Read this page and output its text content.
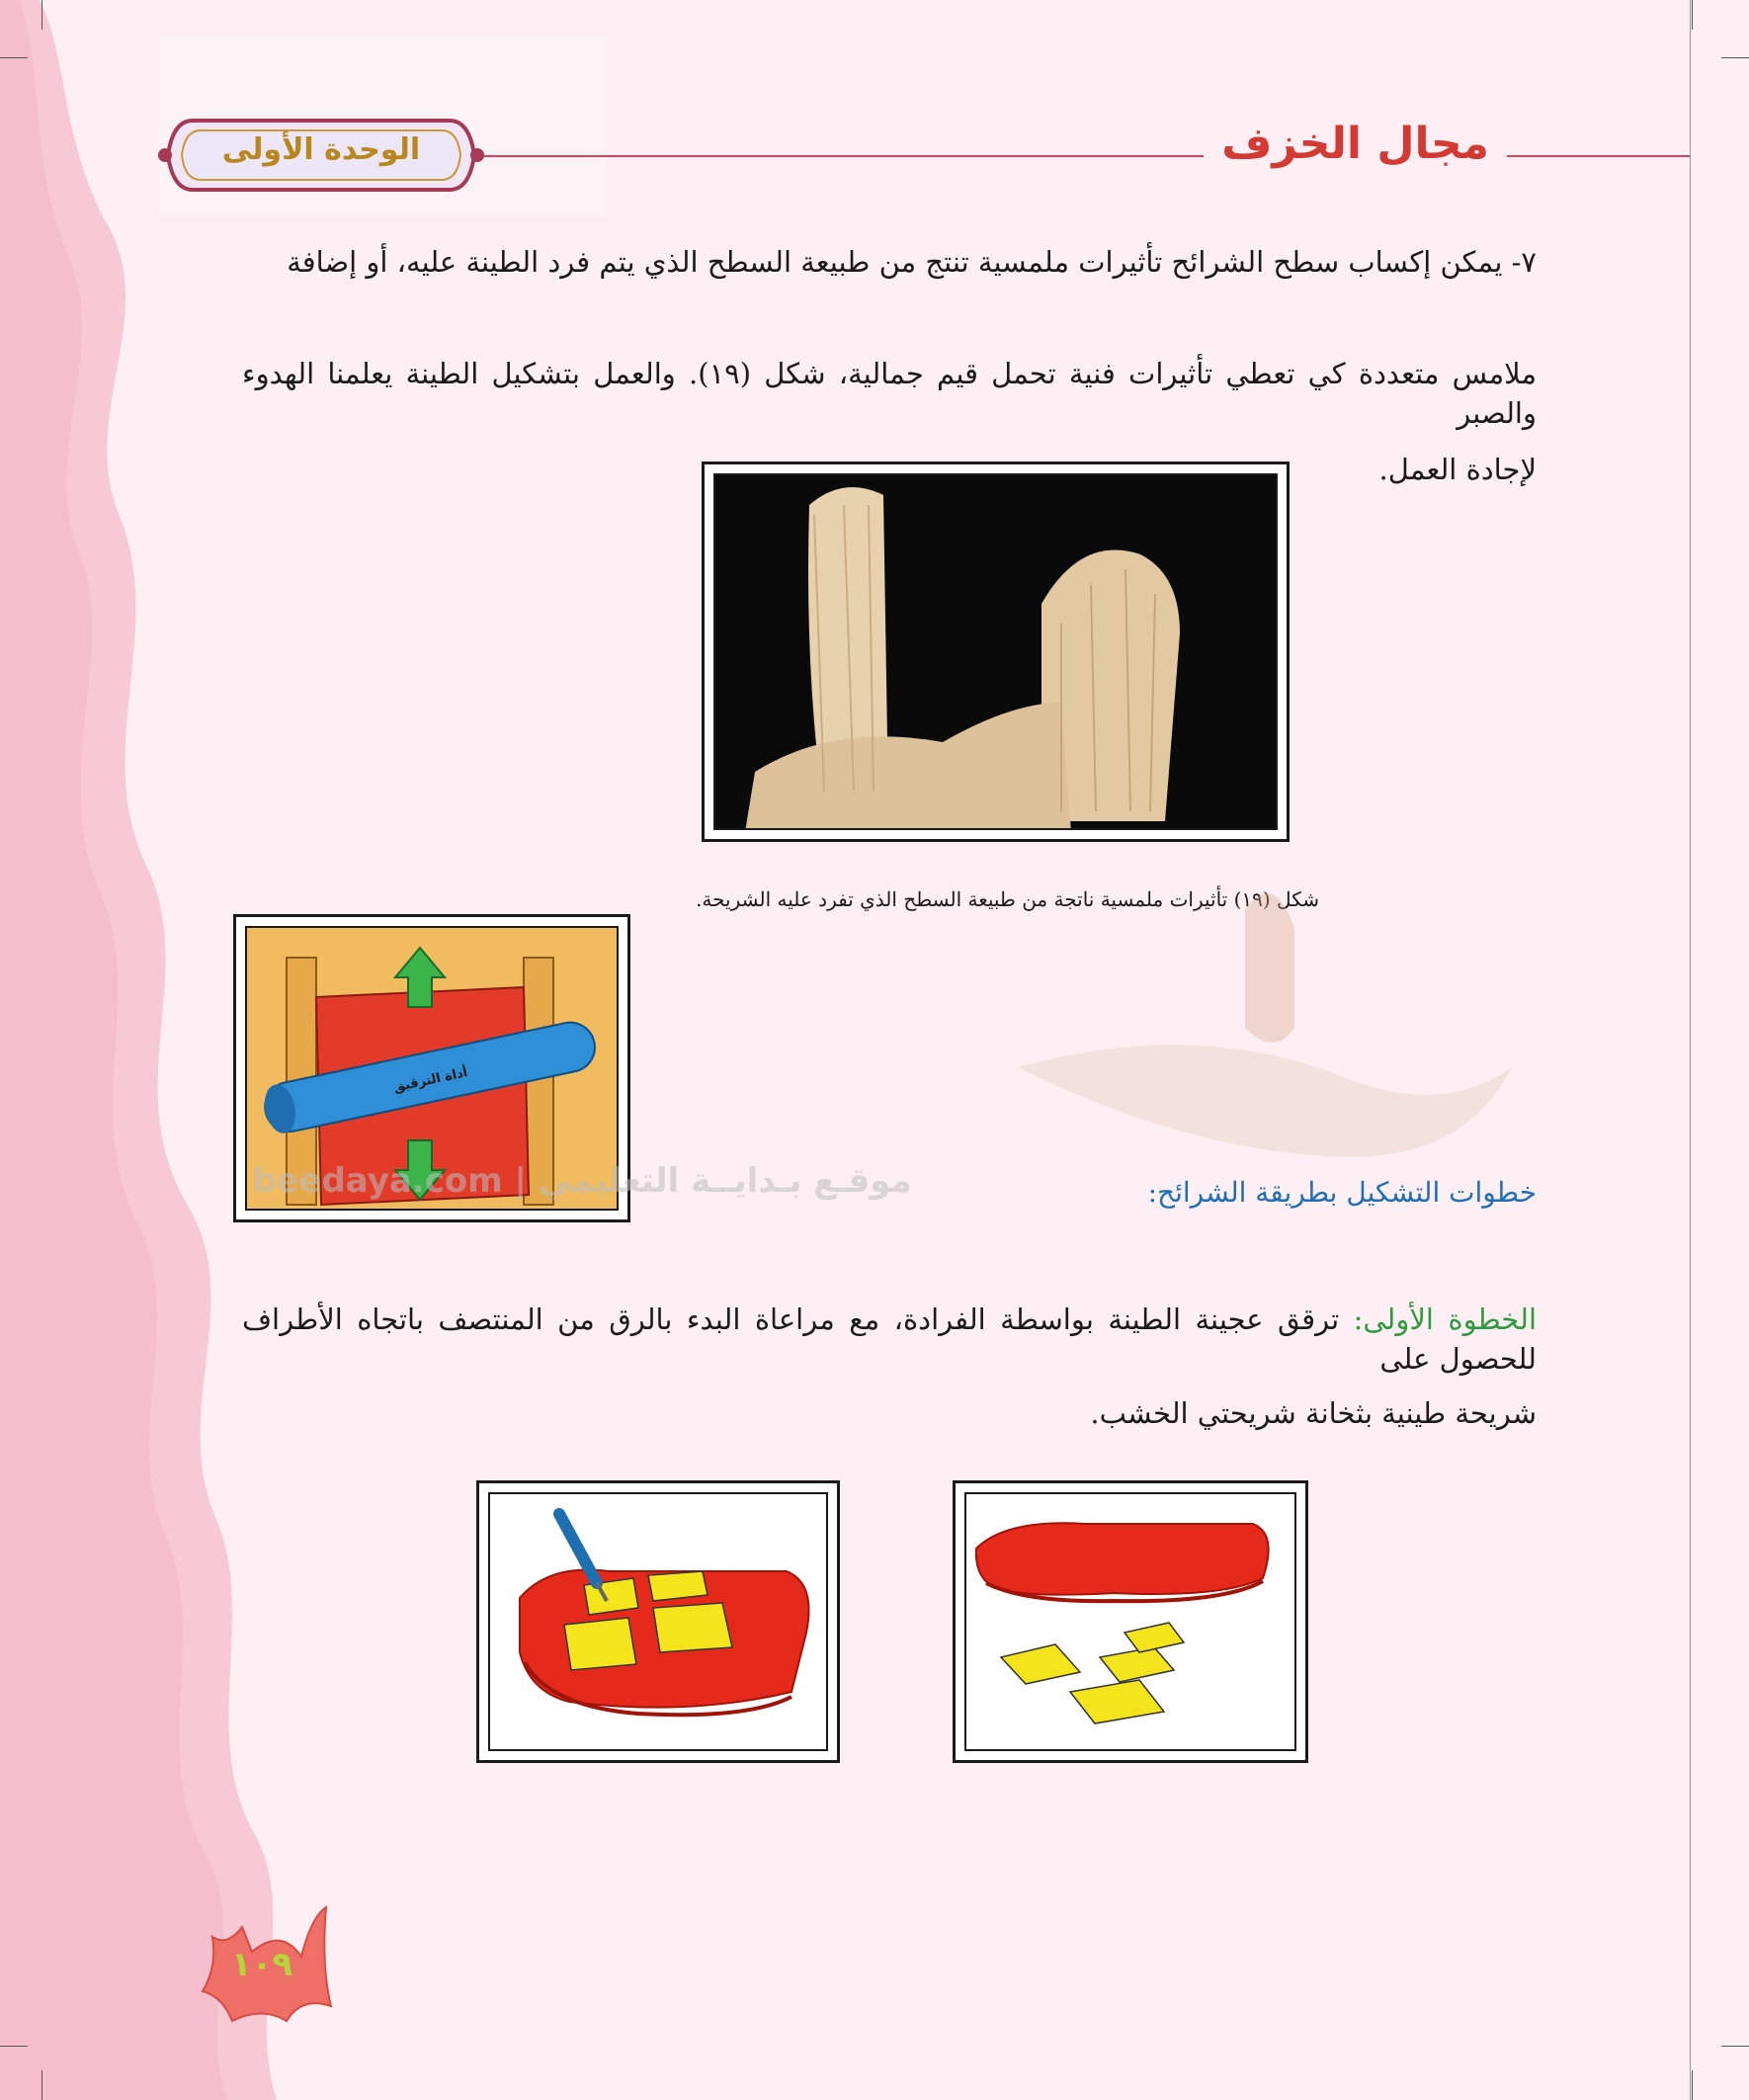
مجال الخزف
الوحدة الأولى
٧- يمكن إكساب سطح الشرائح تأثيرات ملمسية تنتج من طبيعة السطح الذي يتم فرد الطينة عليه، أو إضافة
ملامس متعددة كي تعطي تأثيرات فنية تحمل قيم جمالية، شكل (١٩). والعمل بتشكيل الطينة يعلمنا الهدوء والصبر
لإجادة العمل.
شكل (١٩) تأثيرات ملمسية ناتجة من طبيعة السطح الذي تفرد عليه الشريحة.
أداة الترقيق
موقـع بـدايــة التعليمي | beedaya.com	خطوات التشكيل بطريقة الشرائح:
الخطوة الأولى: ترقق عجينة الطينة بواسطة الفرادة، مع مراعاة البدء بالرق من المنتصف باتجاه الأطراف للحصول على
شريحة طينية بثخانة شريحتي الخشب.
١٠٩
